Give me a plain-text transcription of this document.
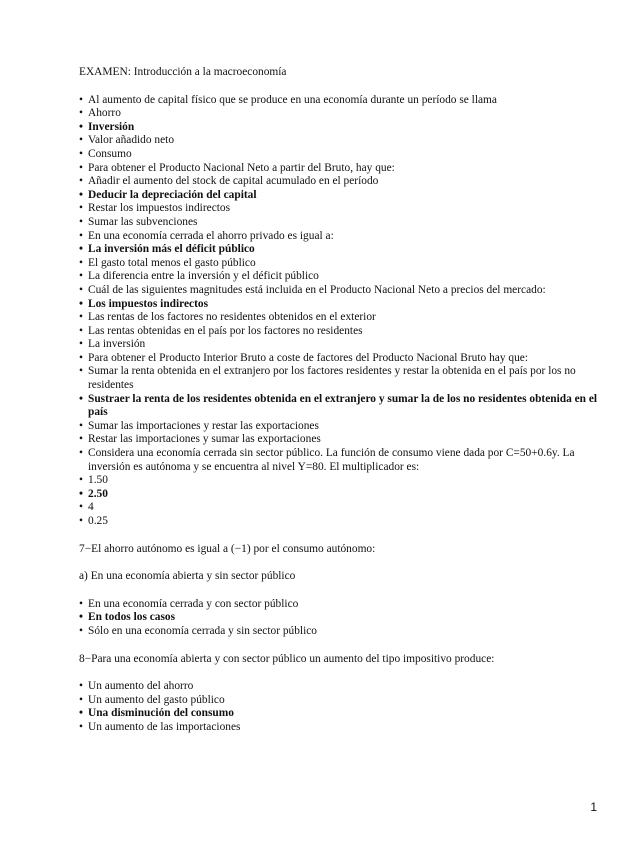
EXAMEN: Introducción a la macroeconomía
• Al aumento de capital físico que se produce en una economía durante un período se llama
• Ahorro
• Inversión
• Valor añadido neto
• Consumo
• Para obtener el Producto Nacional Neto a partir del Bruto, hay que:
• Añadir el aumento del stock de capital acumulado en el período
• Deducir la depreciación del capital
• Restar los impuestos indirectos
• Sumar las subvenciones
• En una economía cerrada el ahorro privado es igual a:
• La inversión más el déficit público
• El gasto total menos el gasto público
• La diferencia entre la inversión y el déficit público
• Cuál de las siguientes magnitudes está incluida en el Producto Nacional Neto a precios del mercado:
• Los impuestos indirectos
• Las rentas de los factores no residentes obtenidos en el exterior
• Las rentas obtenidas en el país por los factores no residentes
• La inversión
• Para obtener el Producto Interior Bruto a coste de factores del Producto Nacional Bruto hay que:
• Sumar la renta obtenida en el extranjero por los factores residentes y restar la obtenida en el país por los no residentes
• Sustraer la renta de los residentes obtenida en el extranjero y sumar la de los no residentes obtenida en el país
• Sumar las importaciones y restar las exportaciones
• Restar las importaciones y sumar las exportaciones
• Considera una economía cerrada sin sector público. La función de consumo viene dada por C=50+0.6y. La inversión es autónoma y se encuentra al nivel Y=80. El multiplicador es:
• 1.50
• 2.50
• 4
• 0.25

7−El ahorro autónomo es igual a (−1) por el consumo autónomo:

a) En una economía abierta y sin sector público

• En una economía cerrada y con sector público
• En todos los casos
• Sólo en una economía cerrada y sin sector público

8−Para una economía abierta y con sector público un aumento del tipo impositivo produce:

• Un aumento del ahorro
• Un aumento del gasto público
• Una disminución del consumo
• Un aumento de las importaciones
1
